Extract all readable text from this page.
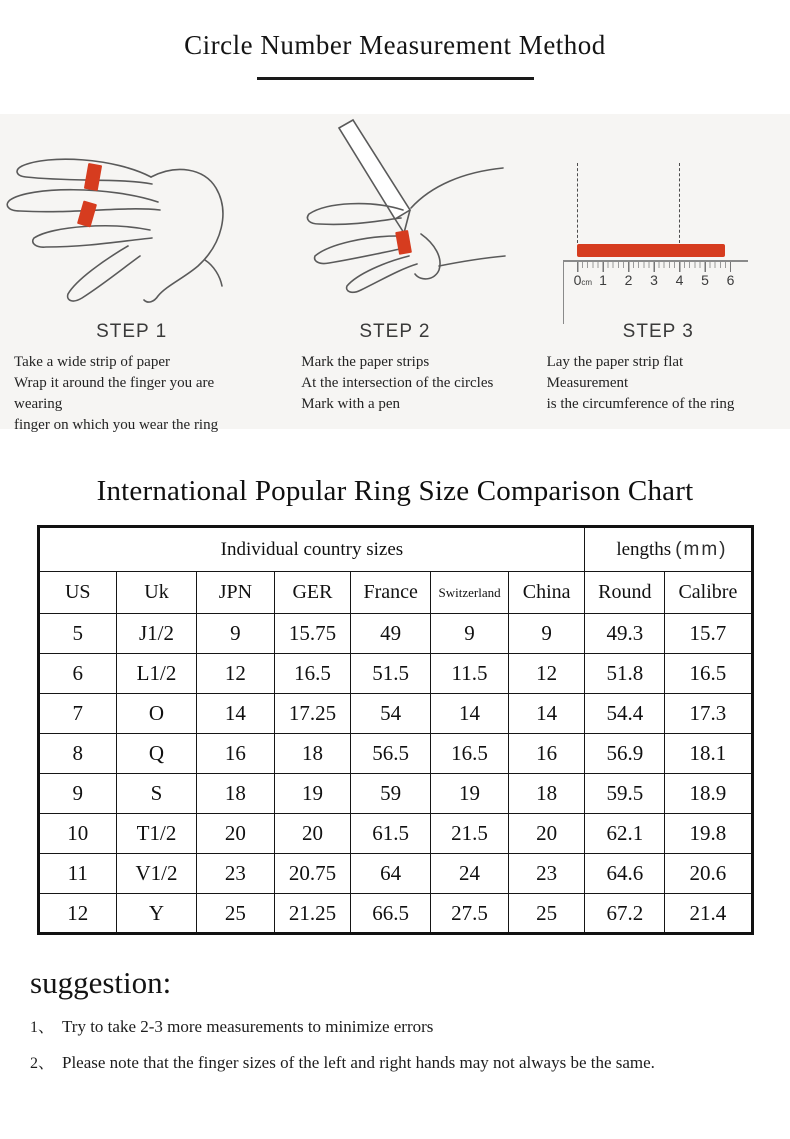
Circle Number Measurement Method
STEP 1
Take a wide strip of paper
Wrap it around the finger you are wearing
finger on which you wear the ring
STEP 2
Mark the paper strips
At the intersection of the circles
Mark with a pen
0cm 1 2 3 4 5 6
STEP 3
Lay the paper strip flat
Measurement
is the circumference of the ring
International Popular Ring Size Comparison Chart
Individual country sizes							lengths (mm)	
US	Uk	JPN	GER	France	Switzerland	China	Round	Calibre
5	J1/2	9	15.75	49	9	9	49.3	15.7
6	L1/2	12	16.5	51.5	11.5	12	51.8	16.5
7	O	14	17.25	54	14	14	54.4	17.3
8	Q	16	18	56.5	16.5	16	56.9	18.1
9	S	18	19	59	19	18	59.5	18.9
10	T1/2	20	20	61.5	21.5	20	62.1	19.8
11	V1/2	23	20.75	64	24	23	64.6	20.6
12	Y	25	21.25	66.5	27.5	25	67.2	21.4
suggestion:
1、 Try to take 2-3 more measurements to minimize errors
2、 Please note that the finger sizes of the left and right hands may not always be the same.
